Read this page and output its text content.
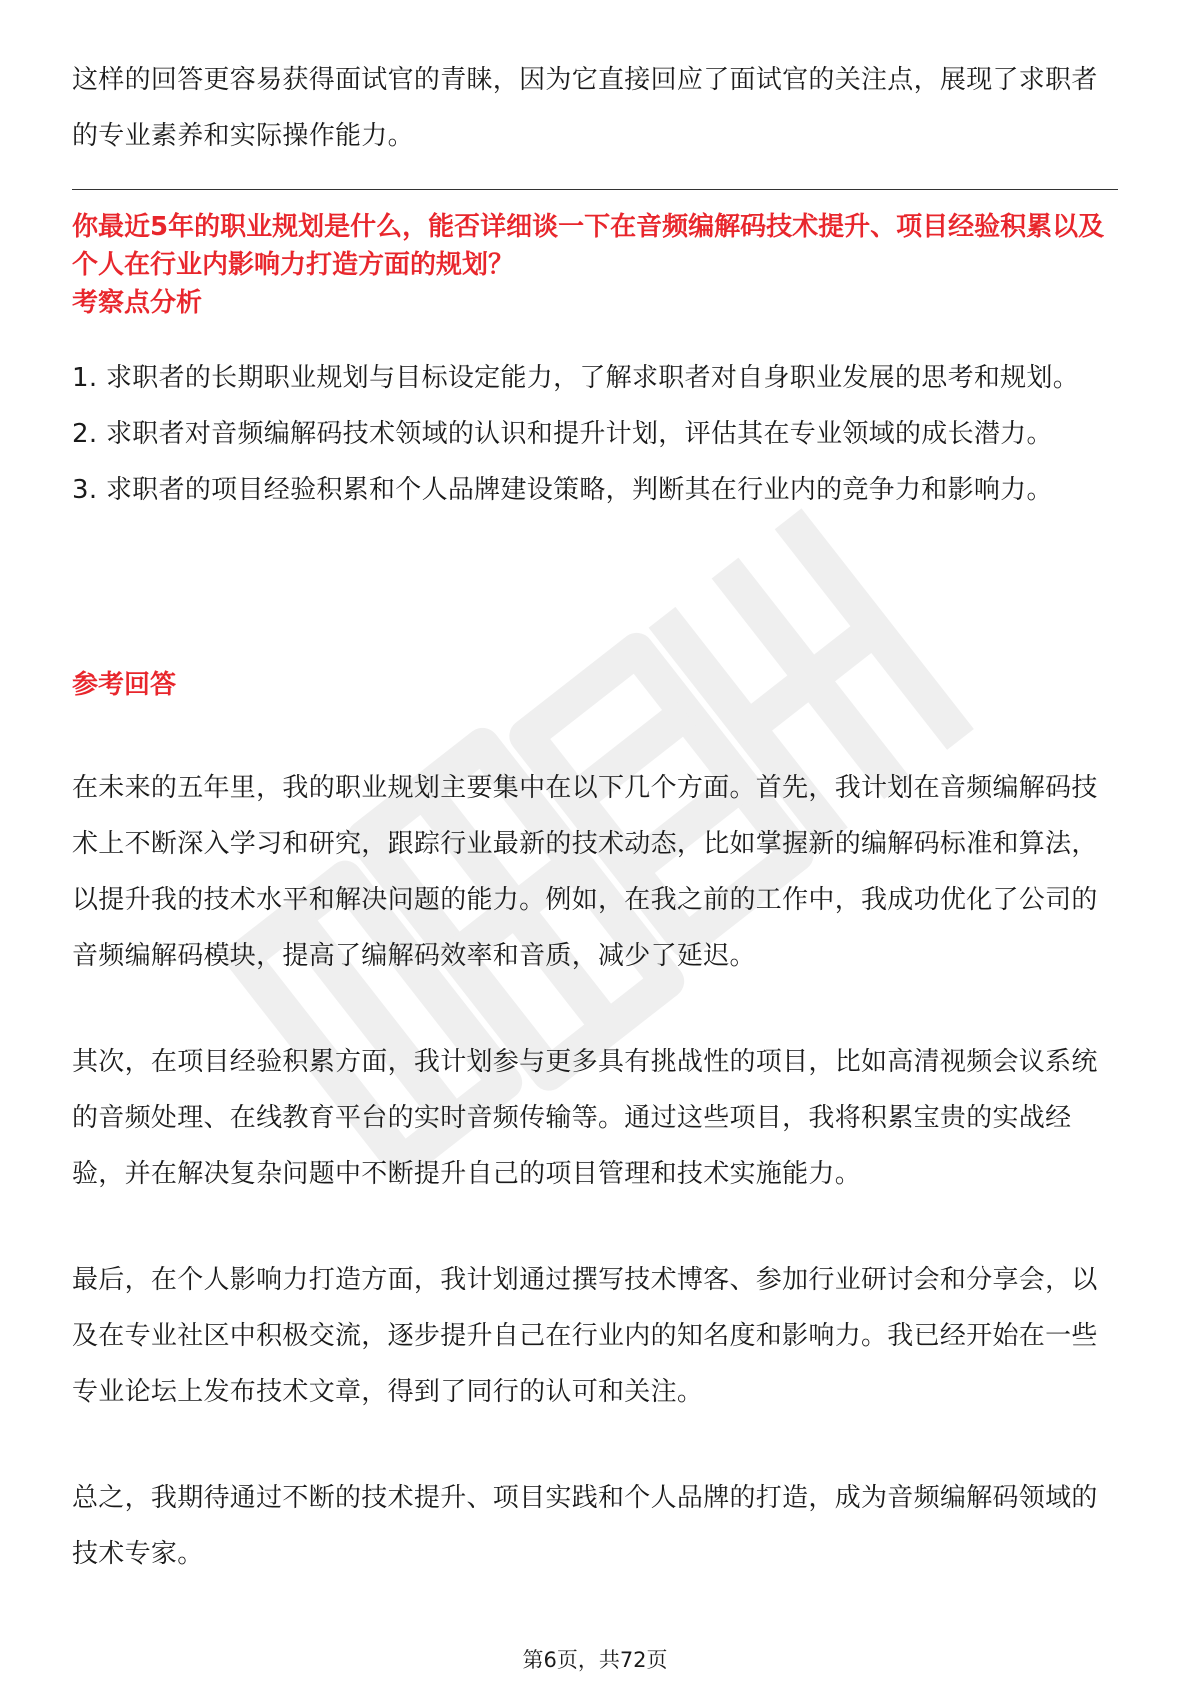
这样的回答更容易获得面试官的青睐，因为它直接回应了面试官的关注点，展现了求职者的专业素养和实际操作能力。

你最近5年的职业规划是什么，能否详细谈一下在音频编解码技术提升、项目经验积累以及个人在行业内影响力打造方面的规划？

考察点分析

1. 求职者的长期职业规划与目标设定能力，了解求职者对自身职业发展的思考和规划。

2. 求职者对音频编解码技术领域的认识和提升计划，评估其在专业领域的成长潜力。

3. 求职者的项目经验积累和个人品牌建设策略，判断其在行业内的竞争力和影响力。

参考回答

在未来的五年里，我的职业规划主要集中在以下几个方面。首先，我计划在音频编解码技术上不断深入学习和研究，跟踪行业最新的技术动态，比如掌握新的编解码标准和算法，以提升我的技术水平和解决问题的能力。例如，在我之前的工作中，我成功优化了公司的音频编解码模块，提高了编解码效率和音质，减少了延迟。

其次，在项目经验积累方面，我计划参与更多具有挑战性的项目，比如高清视频会议系统的音频处理、在线教育平台的实时音频传输等。通过这些项目，我将积累宝贵的实战经验，并在解决复杂问题中不断提升自己的项目管理和技术实施能力。

最后，在个人影响力打造方面，我计划通过撰写技术博客、参加行业研讨会和分享会，以及在专业社区中积极交流，逐步提升自己在行业内的知名度和影响力。我已经开始在一些专业论坛上发布技术文章，得到了同行的认可和关注。

总之，我期待通过不断的技术提升、项目实践和个人品牌的打造，成为音频编解码领域的技术专家。

第6页，共72页
